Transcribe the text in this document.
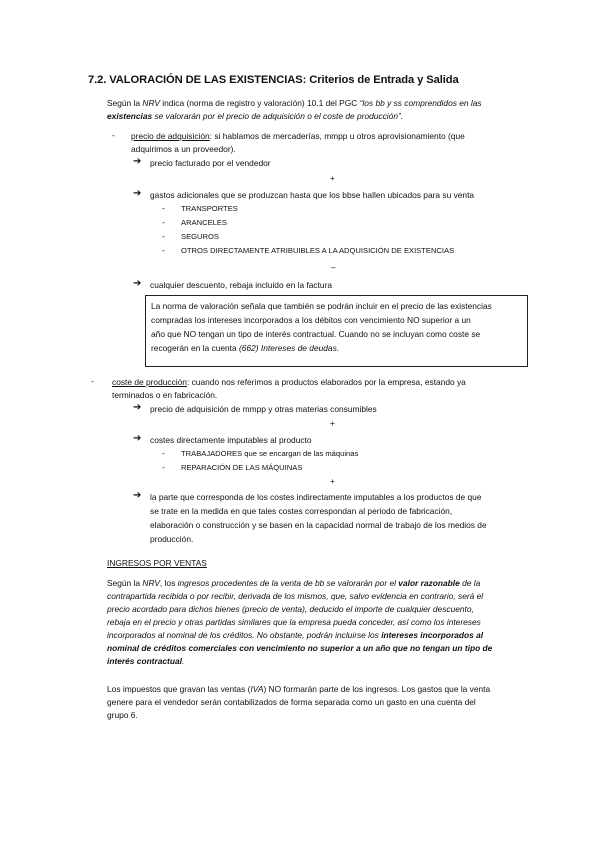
7.2. VALORACIÓN DE LAS EXISTENCIAS: Criterios de Entrada y Salida
Según la NRV indica (norma de registro y valoración) 10.1 del PGC “los bb y ss comprendidos en las
existencias se valorarán por el precio de adquisición o el coste de producción”.
- precio de adquisición: si hablamos de mercaderías, mmpp u otros aprovisionamiento (que
adquirimos a un proveedor).
➔ precio facturado por el vendedor
+
➔ gastos adicionales que se produzcan hasta que los bbse hallen ubicados para su venta
- TRANSPORTES
- ARANCELES
- SEGUROS
- OTROS DIRECTAMENTE ATRIBUIBLES A LA ADQUISICIÓN DE EXISTENCIAS
–
➔ cualquier descuento, rebaja incluido en la factura
La norma de valoración señala que también se podrán incluir en el precio de las existencias
compradas los intereses incorporados a los débitos con vencimiento NO superior a un
año que NO tengan un tipo de interés contractual. Cuando no se incluyan como coste se
recogerán en la cuenta (662) Intereses de deudas.
- coste de producción: cuando nos referimos a productos elaborados por la empresa, estando ya
terminados o en fabricación.
➔ precio de adquisición de mmpp y otras materias consumibles
+
➔ costes directamente imputables al producto
- TRABAJADORES que se encargan de las máquinas
- REPARACIÓN DE LAS MÁQUINAS
+
➔ la parte que corresponda de los costes indirectamente imputables a los productos de que
se trate en la medida en que tales costes correspondan al periodo de fabricación,
elaboración o construcción y se basen en la capacidad normal de trabajo de los medios de
producción.
INGRESOS POR VENTAS
Según la NRV, los ingresos procedentes de la venta de bb se valorarán por el valor razonable de la
contrapartida recibida o por recibir, derivada de los mismos, que, salvo evidencia en contrario, será el
precio acordado para dichos bienes (precio de venta), deducido el importe de cualquier descuento,
rebaja en el precio y otras partidas similares que la empresa pueda conceder, así como los intereses
incorporados al nominal de los créditos. No obstante, podrán incluirse los intereses incorporados al
nominal de créditos comerciales con vencimiento no superior a un año que no tengan un tipo de
interés contractual.
Los impuestos que gravan las ventas (IVA) NO formarán parte de los ingresos. Los gastos que la venta
genere para el vendedor serán contabilizados de forma separada como un gasto en una cuenta del
grupo 6.
